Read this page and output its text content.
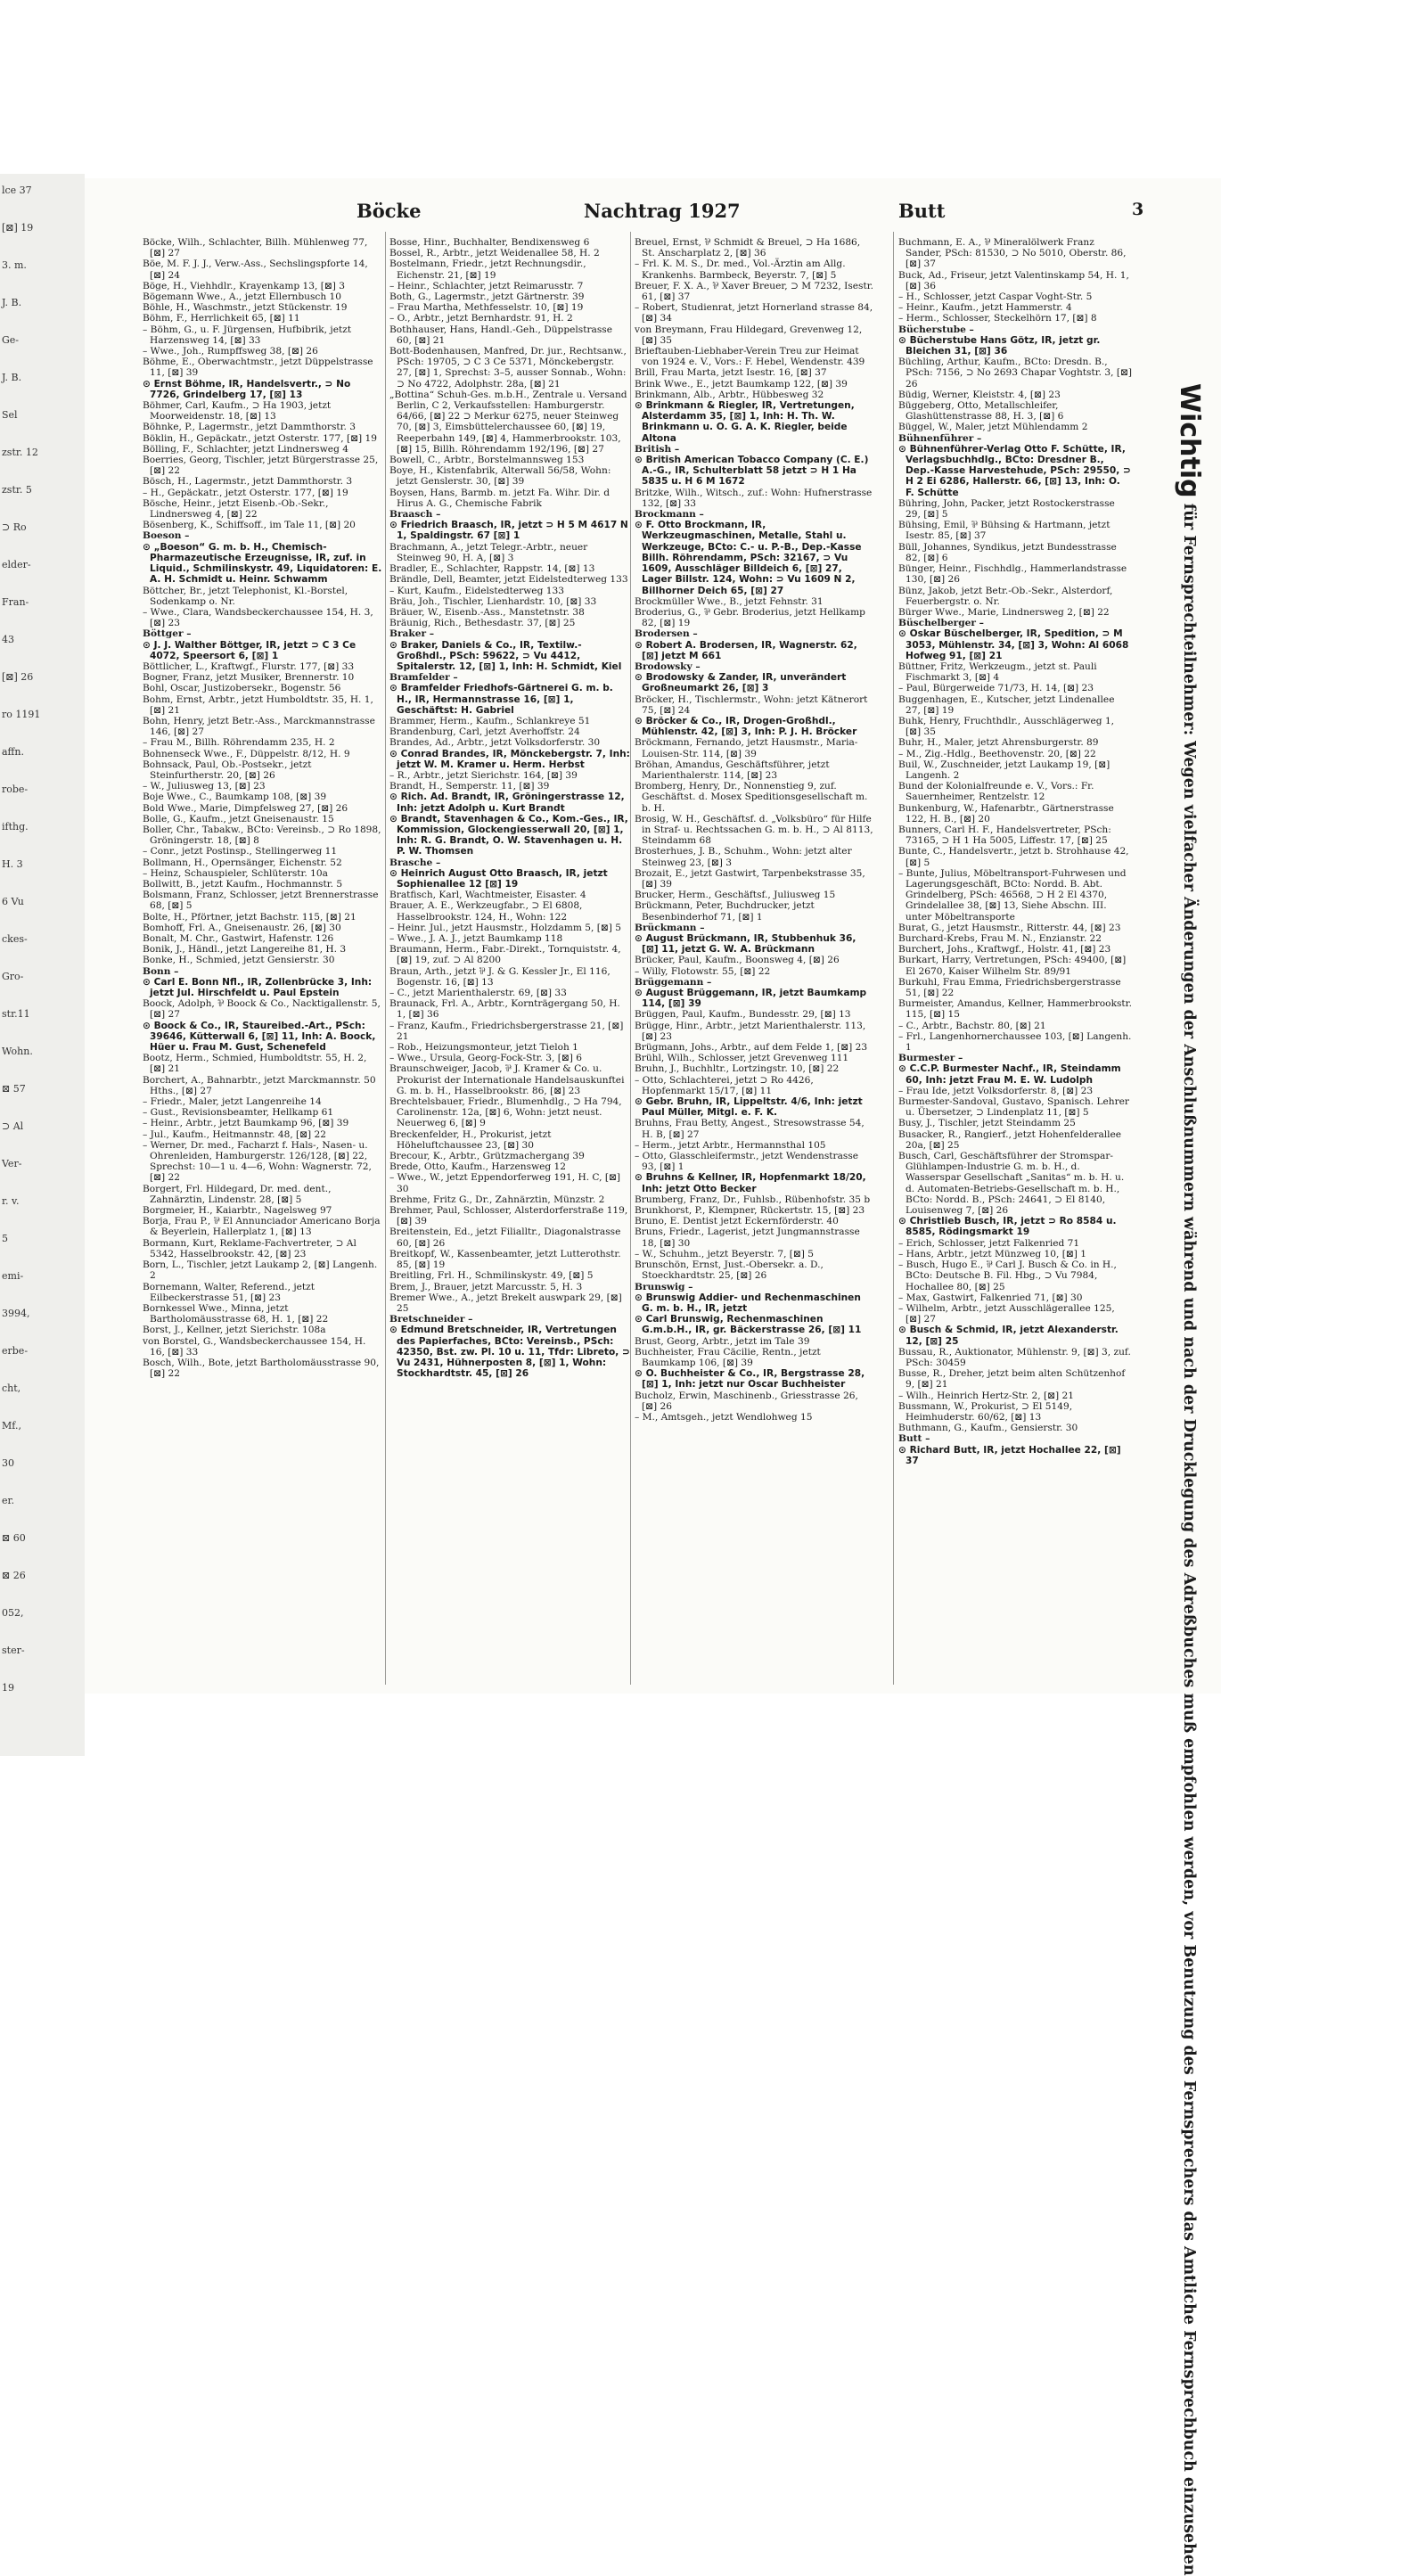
lce 37
[⊠] 19
3. m.
J. B.
Ge-
J. B.
Sel
zstr. 12
zstr. 5
⊃ Ro
elder-
Fran-
43
[⊠] 26
ro 1191
affn.
robe-
ifthg.
H. 3
6 Vu
ckes-
Gro-
str.11
Wohn.
⊠ 57
⊃ Al
Ver-
r. v.
5
emi-
3994,
erbe-
cht,
Mf.,
30
er.
⊠ 60
⊠ 26
052,
ster-
19
Böcke	Nachtrag 1927	Butt	3

Böcke, Wilh., Schlachter, Billh. Mühlenweg 77, [⊠] 27

Böe, M. F. J. J., Verw.-Ass., Sechslingspforte 14, [⊠] 24

Böge, H., Viehhdlr., Krayenkamp 13, [⊠] 3

Bögemann Wwe., A., jetzt Ellernbusch 10

Böhle, H., Waschmstr., jetzt Stückenstr. 19

Böhm, F., Herrlichkeit 65, [⊠] 11

– Böhm, G., u. F. Jürgensen, Hufbibrik, jetzt Harzensweg 14, [⊠] 33

– Wwe., Joh., Rumpffsweg 38, [⊠] 26

Böhme, E., Oberwachtmstr., jetzt Düppelstrasse 11, [⊠] 39

⊙ Ernst Böhme, IR, Handelsvertr., ⊃ No 7726, Grindelberg 17, [⊠] 13

Böhmer, Carl, Kaufm., ⊃ Ha 1903, jetzt Moorweidenstr. 18, [⊠] 13

Böhnke, P., Lagermstr., jetzt Dammthorstr. 3

Böklin, H., Gepäckatr., jetzt Osterstr. 177, [⊠] 19

Bölling, F., Schlachter, jetzt Lindnersweg 4

Boerries, Georg, Tischler, jetzt Bürgerstrasse 25, [⊠] 22

Bösch, H., Lagermstr., jetzt Dammthorstr. 3

– H., Gepäckatr., jetzt Osterstr. 177, [⊠] 19

Bösche, Heinr., jetzt Eisenb.-Ob.-Sekr., Lindnersweg 4, [⊠] 22

Bösenberg, K., Schiffsoff., im Tale 11, [⊠] 20

Boeson –

⊙ „Boeson“ G. m. b. H., Chemisch-Pharmazeutische Erzeugnisse, IR, zuf. in Liquid., Schmilinskystr. 49, Liquidatoren: E. A. H. Schmidt u. Heinr. Schwamm

Böttcher, Br., jetzt Telephonist, Kl.-Borstel, Sodenkamp o. Nr.

– Wwe., Clara, Wandsbeckerchaussee 154, H. 3, [⊠] 23

Böttger –

⊙ J. J. Walther Böttger, IR, jetzt ⊃ C 3 Ce 4072, Speersort 6, [⊠] 1

Böttlicher, L., Kraftwgf., Flurstr. 177, [⊠] 33

Bogner, Franz, jetzt Musiker, Brennerstr. 10

Bohl, Oscar, Justizobersekr., Bogenstr. 56

Bohm, Ernst, Arbtr., jetzt Humboldtstr. 35, H. 1, [⊠] 21

Bohn, Henry, jetzt Betr.-Ass., Marckmannstrasse 146, [⊠] 27

– Frau M., Billh. Röhrendamm 235, H. 2

Bohnenseck Wwe., F., Düppelstr. 8/12, H. 9

Bohnsack, Paul, Ob.-Postsekr., jetzt Steinfurtherstr. 20, [⊠] 26

– W., Juliusweg 13, [⊠] 23

Boje Wwe., C., Baumkamp 108, [⊠] 39

Bold Wwe., Marie, Dimpfelsweg 27, [⊠] 26

Bolle, G., Kaufm., jetzt Gneisenaustr. 15

Boller, Chr., Tabakw., BCto: Vereinsb., ⊃ Ro 1898, Gröningerstr. 18, [⊠] 8

– Conr., jetzt Postinsp., Stellingerweg 11

Bollmann, H., Opernsänger, Eichenstr. 52

– Heinz, Schauspieler, Schlüterstr. 10a

Bollwitt, B., jetzt Kaufm., Hochmannstr. 5

Bolsmann, Franz, Schlosser, jetzt Brennerstrasse 68, [⊠] 5

Bolte, H., Pförtner, jetzt Bachstr. 115, [⊠] 21

Bomhoff, Frl. A., Gneisenaustr. 26, [⊠] 30

Bonalt, M. Chr., Gastwirt, Hafenstr. 126

Bonik, J., Händl., jetzt Langereihe 81, H. 3

Bonke, H., Schmied, jetzt Gensierstr. 30

Bonn –

⊙ Carl E. Bonn Nfl., IR, Zollenbrücke 3, Inh: jetzt Jul. Hirschfeldt u. Paul Epstein

Boock, Adolph, ⅌ Boock & Co., Nacktigallenstr. 5, [⊠] 27

⊙ Boock & Co., IR, Staureibed.-Art., PSch: 39646, Kütterwall 6, [⊠] 11, Inh: A. Boock, Hüer u. Frau M. Gust, Schenefeld

Bootz, Herm., Schmied, Humboldtstr. 55, H. 2, [⊠] 21

Borchert, A., Bahnarbtr., jetzt Marckmannstr. 50 Hths., [⊠] 27

– Friedr., Maler, jetzt Langenreihe 14

– Gust., Revisionsbeamter, Hellkamp 61

– Heinr., Arbtr., jetzt Baumkamp 96, [⊠] 39

– Jul., Kaufm., Heitmannstr. 48, [⊠] 22

– Werner, Dr. med., Facharzt f. Hals-, Nasen- u. Ohrenleiden, Hamburgerstr. 126/128, [⊠] 22, Sprechst: 10—1 u. 4—6, Wohn: Wagnerstr. 72, [⊠] 22

Borgert, Frl. Hildegard, Dr. med. dent., Zahnärztin, Lindenstr. 28, [⊠] 5

Borgmeier, H., Kaiarbtr., Nagelsweg 97

Borja, Frau P., ⅌ El Annunciador Americano Borja & Beyerlein, Hallerplatz 1, [⊠] 13

Bormann, Kurt, Reklame-Fachvertreter, ⊃ Al 5342, Hasselbrookstr. 42, [⊠] 23

Born, L., Tischler, jetzt Laukamp 2, [⊠] Langenh. 2

Bornemann, Walter, Referend., jetzt Eilbeckerstrasse 51, [⊠] 23

Bornkessel Wwe., Minna, jetzt Bartholomäusstrasse 68, H. 1, [⊠] 22

Borst, J., Kellner, jetzt Sierichstr. 108a

von Borstel, G., Wandsbeckerchaussee 154, H. 16, [⊠] 33

Bosch, Wilh., Bote, jetzt Bartholomäusstrasse 90, [⊠] 22

Bosse, Hinr., Buchhalter, Bendixensweg 6

Bossel, R., Arbtr., jetzt Weidenallee 58, H. 2

Bostelmann, Friedr., jetzt Rechnungsdir., Eichenstr. 21, [⊠] 19

– Heinr., Schlachter, jetzt Reimarusstr. 7

Both, G., Lagermstr., jetzt Gärtnerstr. 39

– Frau Martha, Methfesselstr. 10, [⊠] 19

– O., Arbtr., jetzt Bernhardstr. 91, H. 2

Bothhauser, Hans, Handl.-Geh., Düppelstrasse 60, [⊠] 21

Bott-Bodenhausen, Manfred, Dr. jur., Rechtsanw., PSch: 19705, ⊃ C 3 Ce 5371, Mönckebergstr. 27, [⊠] 1, Sprechst: 3–5, ausser Sonnab., Wohn: ⊃ No 4722, Adolphstr. 28a, [⊠] 21

„Bottina“ Schuh-Ges. m.b.H., Zentrale u. Versand Berlin, C 2, Verkaufsstellen: Hamburgerstr. 64/66, [⊠] 22 ⊃ Merkur 6275, neuer Steinweg 70, [⊠] 3, Eimsbüttelerchaussee 60, [⊠] 19, Reeperbahn 149, [⊠] 4, Hammerbrookstr. 103, [⊠] 15, Billh. Röhrendamm 192/196, [⊠] 27

Bowell, C., Arbtr., Borstelmannsweg 153

Boye, H., Kistenfabrik, Alterwall 56/58, Wohn: jetzt Genslerstr. 30, [⊠] 39

Boysen, Hans, Barmb. m. jetzt Fa. Wihr. Dir. d Hirus A. G., Chemische Fabrik

Braasch –

⊙ Friedrich Braasch, IR, jetzt ⊃ H 5 M 4617 N 1, Spaldingstr. 67 [⊠] 1

Brachmann, A., jetzt Telegr.-Arbtr., neuer Steinweg 90, H. A, [⊠] 3

Bradler, E., Schlachter, Rappstr. 14, [⊠] 13

Brändle, Dell, Beamter, jetzt Eidelstedterweg 133

– Kurt, Kaufm., Eidelstedterweg 133

Bräu, Joh., Tischler, Lienhardstr. 10, [⊠] 33

Bräuer, W., Eisenb.-Ass., Manstetnstr. 38

Bräunig, Rich., Bethesdastr. 37, [⊠] 25

Braker –

⊙ Braker, Daniels & Co., IR, Textilw.-Großhdl., PSch: 59622, ⊃ Vu 4412, Spitalerstr. 12, [⊠] 1, Inh: H. Schmidt, Kiel

Bramfelder –

⊙ Bramfelder Friedhofs-Gärtnerei G. m. b. H., IR, Hermannstrasse 16, [⊠] 1, Geschäftst: H. Gabriel

Brammer, Herm., Kaufm., Schlankreye 51

Brandenburg, Carl, jetzt Averhoffstr. 24

Brandes, Ad., Arbtr., jetzt Volksdorferstr. 30

⊙ Conrad Brandes, IR, Mönckebergstr. 7, Inh: jetzt W. M. Kramer u. Herm. Herbst

– R., Arbtr., jetzt Sierichstr. 164, [⊠] 39

Brandt, H., Semperstr. 11, [⊠] 39

⊙ Rich. Ad. Brandt, IR, Gröningerstrasse 12, Inh: jetzt Adolph u. Kurt Brandt

⊙ Brandt, Stavenhagen & Co., Kom.-Ges., IR, Kommission, Glockengiesserwall 20, [⊠] 1, Inh: R. G. Brandt, O. W. Stavenhagen u. H. P. W. Thomsen

Brasche –

⊙ Heinrich August Otto Braasch, IR, jetzt Sophienallee 12 [⊠] 19

Bratfisch, Karl, Wachtmeister, Eisaster. 4

Brauer, A. E., Werkzeugfabr., ⊃ El 6808, Hasselbrookstr. 124, H., Wohn: 122

– Heinr. Jul., jetzt Hausmstr., Holzdamm 5, [⊠] 5

– Wwe., J. A. J., jetzt Baumkamp 118

Braumann, Herm., Fabr.-Direkt., Tornquiststr. 4, [⊠] 19, zuf. ⊃ Al 8200

Braun, Arth., jetzt ⅌ J. & G. Kessler Jr., El 116, Bogenstr. 16, [⊠] 13

– C., jetzt Marienthalerstr. 69, [⊠] 33

Braunack, Frl. A., Arbtr., Kornträgergang 50, H. 1, [⊠] 36

– Franz, Kaufm., Friedrichsbergerstrasse 21, [⊠] 21

– Rob., Heizungsmonteur, jetzt Tieloh 1

– Wwe., Ursula, Georg-Fock-Str. 3, [⊠] 6

Braunschweiger, Jacob, ⅌ J. Kramer & Co. u. Prokurist der Internationale Handelsauskunftei G. m. b. H., Hasselbrookstr. 86, [⊠] 23

Brechtelsbauer, Friedr., Blumenhdlg., ⊃ Ha 794, Carolinenstr. 12a, [⊠] 6, Wohn: jetzt neust. Neuerweg 6, [⊠] 9

Breckenfelder, H., Prokurist, jetzt Höheluftchaussee 23, [⊠] 30

Brecour, K., Arbtr., Grützmachergang 39

Brede, Otto, Kaufm., Harzensweg 12

– Wwe., W., jetzt Eppendorferweg 191, H. C, [⊠] 30

Brehme, Fritz G., Dr., Zahnärztin, Münzstr. 2

Brehmer, Paul, Schlosser, Alsterdorferstraße 119, [⊠] 39

Breitenstein, Ed., jetzt Filialltr., Diagonalstrasse 60, [⊠] 26

Breitkopf, W., Kassenbeamter, jetzt Lutterothstr. 85, [⊠] 19

Breitling, Frl. H., Schmilinskystr. 49, [⊠] 5

Brem, J., Brauer, jetzt Marcusstr. 5, H. 3

Bremer Wwe., A., jetzt Brekelt auswpark 29, [⊠] 25

Bretschneider –

⊙ Edmund Bretschneider, IR, Vertretungen des Papierfaches, BCto: Vereinsb., PSch: 42350, Bst. zw. Pl. 10 u. 11, Tfdr: Libreto, ⊃ Vu 2431, Hühnerposten 8, [⊠] 1, Wohn: Stockhardtstr. 45, [⊠] 26

Breuel, Ernst, ⅌ Schmidt & Breuel, ⊃ Ha 1686, St. Anscharplatz 2, [⊠] 36

– Frl. K. M. S., Dr. med., Vol.-Ärztin am Allg. Krankenhs. Barmbeck, Beyerstr. 7, [⊠] 5

Breuer, F. X. A., ⅌ Xaver Breuer, ⊃ M 7232, Isestr. 61, [⊠] 37

– Robert, Studienrat, jetzt Hornerland strasse 84, [⊠] 34

von Breymann, Frau Hildegard, Grevenweg 12, [⊠] 35

Brieftauben-Liebhaber-Verein Treu zur Heimat von 1924 e. V., Vors.: F. Hebel, Wendenstr. 439

Brill, Frau Marta, jetzt Isestr. 16, [⊠] 37

Brink Wwe., E., jetzt Baumkamp 122, [⊠] 39

Brinkmann, Alb., Arbtr., Hübbesweg 32

⊙ Brinkmann & Riegler, IR, Vertretungen, Alsterdamm 35, [⊠] 1, Inh: H. Th. W. Brinkmann u. O. G. A. K. Riegler, beide Altona

British –

⊙ British American Tobacco Company (C. E.) A.-G., IR, Schulterblatt 58 jetzt ⊃ H 1 Ha 5835 u. H 6 M 1672

Britzke, Wilh., Witsch., zuf.: Wohn: Hufnerstrasse 132, [⊠] 33

Brockmann –

⊙ F. Otto Brockmann, IR, Werkzeugmaschinen, Metalle, Stahl u. Werkzeuge, BCto: C.- u. P.-B., Dep.-Kasse Billh. Röhrendamm, PSch: 32167, ⊃ Vu 1609, Ausschläger Billdeich 6, [⊠] 27, Lager Billstr. 124, Wohn: ⊃ Vu 1609 N 2, Billhorner Deich 65, [⊠] 27

Brockmüller Wwe., B., jetzt Fehnstr. 31

Broderius, G., ⅌ Gebr. Broderius, jetzt Hellkamp 82, [⊠] 19

Brodersen –

⊙ Robert A. Brodersen, IR, Wagnerstr. 62, [⊠] jetzt M 661

Brodowsky –

⊙ Brodowsky & Zander, IR, unverändert Großneumarkt 26, [⊠] 3

Bröcker, H., Tischlermstr., Wohn: jetzt Kätnerort 75, [⊠] 24

⊙ Bröcker & Co., IR, Drogen-Großhdl., Mühlenstr. 42, [⊠] 3, Inh: P. J. H. Bröcker

Bröckmann, Fernando, jetzt Hausmstr., Maria-Louisen-Str. 114, [⊠] 39

Bröhan, Amandus, Geschäftsführer, jetzt Marienthalerstr. 114, [⊠] 23

Bromberg, Henry, Dr., Nonnenstieg 9, zuf. Geschäftst. d. Mosex Speditionsgesellschaft m. b. H.

Brosig, W. H., Geschäftsf. d. „Volksbüro“ für Hilfe in Straf- u. Rechtssachen G. m. b. H., ⊃ Al 8113, Steindamm 68

Brosterhues, J. B., Schuhm., Wohn: jetzt alter Steinweg 23, [⊠] 3

Brozait, E., jetzt Gastwirt, Tarpenbekstrasse 35, [⊠] 39

Brucker, Herm., Geschäftsf., Juliusweg 15

Brückmann, Peter, Buchdrucker, jetzt Besenbinderhof 71, [⊠] 1

Brückmann –

⊙ August Brückmann, IR, Stubbenhuk 36, [⊠] 11, jetzt G. W. A. Brückmann

Brücker, Paul, Kaufm., Boonsweg 4, [⊠] 26

– Willy, Flotowstr. 55, [⊠] 22

Brüggemann –

⊙ August Brüggemann, IR, jetzt Baumkamp 114, [⊠] 39

Brüggen, Paul, Kaufm., Bundesstr. 29, [⊠] 13

Brügge, Hinr., Arbtr., jetzt Marienthalerstr. 113, [⊠] 23

Brügmann, Johs., Arbtr., auf dem Felde 1, [⊠] 23

Brühl, Wilh., Schlosser, jetzt Grevenweg 111

Bruhn, J., Buchhltr., Lortzingstr. 10, [⊠] 22

– Otto, Schlachterei, jetzt ⊃ Ro 4426, Hopfenmarkt 15/17, [⊠] 11

⊙ Gebr. Bruhn, IR, Lippeltstr. 4/6, Inh: jetzt Paul Müller, Mitgl. e. F. K.

Bruhns, Frau Betty, Angest., Stresowstrasse 54, H. B, [⊠] 27

– Herm., jetzt Arbtr., Hermannsthal 105

– Otto, Glasschleifermstr., jetzt Wendenstrasse 93, [⊠] 1

⊙ Bruhns & Kellner, IR, Hopfenmarkt 18/20, Inh: jetzt Otto Becker

Brumberg, Franz, Dr., Fuhlsb., Rübenhofstr. 35 b

Brunkhorst, P., Klempner, Rückertstr. 15, [⊠] 23

Bruno, E. Dentist jetzt Eckernförderstr. 40

Bruns, Friedr., Lagerist, jetzt Jungmannstrasse 18, [⊠] 30

– W., Schuhm., jetzt Beyerstr. 7, [⊠] 5

Brunschön, Ernst, Just.-Obersekr. a. D., Stoeckhardtstr. 25, [⊠] 26

Brunswig –

⊙ Brunswig Addier- und Rechenmaschinen G. m. b. H., IR, jetzt

⊙ Carl Brunswig, Rechenmaschinen G.m.b.H., IR, gr. Bäckerstrasse 26, [⊠] 11

Brust, Georg, Arbtr., jetzt im Tale 39

Buchheister, Frau Cäcilie, Rentn., jetzt Baumkamp 106, [⊠] 39

⊙ O. Buchheister & Co., IR, Bergstrasse 28, [⊠] 1, Inh: jetzt nur Oscar Buchheister

Bucholz, Erwin, Maschinenb., Griesstrasse 26, [⊠] 26

– M., Amtsgeh., jetzt Wendlohweg 15

Buchmann, E. A., ⅌ Mineralölwerk Franz Sander, PSch: 81530, ⊃ No 5010, Oberstr. 86, [⊠] 37

Buck, Ad., Friseur, jetzt Valentinskamp 54, H. 1, [⊠] 36

– H., Schlosser, jetzt Caspar Voght-Str. 5

– Heinr., Kaufm., jetzt Hammerstr. 4

– Herm., Schlosser, Steckelhörn 17, [⊠] 8

Bücherstube –

⊙ Bücherstube Hans Götz, IR, jetzt gr. Bleichen 31, [⊠] 36

Büchling, Arthur, Kaufm., BCto: Dresdn. B., PSch: 7156, ⊃ No 2693 Chapar Voghtstr. 3, [⊠] 26

Büdig, Werner, Kleiststr. 4, [⊠] 23

Büggeberg, Otto, Metallschleifer, Glashüttenstrasse 88, H. 3, [⊠] 6

Büggel, W., Maler, jetzt Mühlendamm 2

Bühnenführer –

⊙ Bühnenführer-Verlag Otto F. Schütte, IR, Verlagsbuchhdlg., BCto: Dresdner B., Dep.-Kasse Harvestehude, PSch: 29550, ⊃ H 2 Ei 6286, Hallerstr. 66, [⊠] 13, Inh: O. F. Schütte

Bühring, John, Packer, jetzt Rostockerstrasse 29, [⊠] 5

Bühsing, Emil, ⅌ Bühsing & Hartmann, jetzt Isestr. 85, [⊠] 37

Büll, Johannes, Syndikus, jetzt Bundesstrasse 82, [⊠] 6

Bünger, Heinr., Fischhdlg., Hammerlandstrasse 130, [⊠] 26

Bünz, Jakob, jetzt Betr.-Ob.-Sekr., Alsterdorf, Feuerbergstr. o. Nr.

Bürger Wwe., Marie, Lindnersweg 2, [⊠] 22

Büschelberger –

⊙ Oskar Büschelberger, IR, Spedition, ⊃ M 3053, Mühlenstr. 34, [⊠] 3, Wohn: Al 6068 Hofweg 91, [⊠] 21

Büttner, Fritz, Werkzeugm., jetzt st. Pauli Fischmarkt 3, [⊠] 4

– Paul, Bürgerweide 71/73, H. 14, [⊠] 23

Buggenhagen, E., Kutscher, jetzt Lindenallee 27, [⊠] 19

Buhk, Henry, Fruchthdlr., Ausschlägerweg 1, [⊠] 35

Buhr, H., Maler, jetzt Ahrensburgerstr. 89

– M., Zig.-Hdlg., Beethovenstr. 20, [⊠] 22

Buil, W., Zuschneider, jetzt Laukamp 19, [⊠] Langenh. 2

Bund der Kolonialfreunde e. V., Vors.: Fr. Sauernheimer, Rentzelstr. 12

Bunkenburg, W., Hafenarbtr., Gärtnerstrasse 122, H. B., [⊠] 20

Bunners, Carl H. F., Handelsvertreter, PSch: 73165, ⊃ H 1 Ha 5005, Liffestr. 17, [⊠] 25

Bunte, C., Handelsvertr., jetzt b. Strohhause 42, [⊠] 5

– Bunte, Julius, Möbeltransport-Fuhrwesen und Lagerungsgeschäft, BCto: Nordd. B. Abt. Grindelberg, PSch: 46568, ⊃ H 2 El 4370, Grindelallee 38, [⊠] 13, Siehe Abschn. III. unter Möbeltransporte

Burat, G., jetzt Hausmstr., Ritterstr. 44, [⊠] 23

Burchard-Krebs, Frau M. N., Enzianstr. 22

Burchert, Johs., Kraftwgf., Holstr. 41, [⊠] 23

Burkart, Harry, Vertretungen, PSch: 49400, [⊠] El 2670, Kaiser Wilhelm Str. 89/91

Burkuhl, Frau Emma, Friedrichsbergerstrasse 51, [⊠] 22

Burmeister, Amandus, Kellner, Hammerbrookstr. 115, [⊠] 15

– C., Arbtr., Bachstr. 80, [⊠] 21

– Frl., Langenhornerchaussee 103, [⊠] Langenh. 1

Burmester –

⊙ C.C.P. Burmester Nachf., IR, Steindamm 60, Inh: jetzt Frau M. E. W. Ludolph

– Frau Ide, jetzt Volksdorferstr. 8, [⊠] 23

Burmester-Sandoval, Gustavo, Spanisch. Lehrer u. Übersetzer, ⊃ Lindenplatz 11, [⊠] 5

Busy, J., Tischler, jetzt Steindamm 25

Busacker, R., Rangierf., jetzt Hohenfelderallee 20a, [⊠] 25

Busch, Carl, Geschäftsführer der Stromspar-Glühlampen-Industrie G. m. b. H., d. Wasserspar Gesellschaft „Sanitas“ m. b. H. u. d. Automaten-Betriebs-Gesellschaft m. b. H., BCto: Nordd. B., PSch: 24641, ⊃ El 8140, Louisenweg 7, [⊠] 26

⊙ Christlieb Busch, IR, jetzt ⊃ Ro 8584 u. 8585, Rödingsmarkt 19

– Erich, Schlosser, jetzt Falkenried 71

– Hans, Arbtr., jetzt Münzweg 10, [⊠] 1

– Busch, Hugo E., ⅌ Carl J. Busch & Co. in H., BCto: Deutsche B. Fil. Hbg., ⊃ Vu 7984, Hochallee 80, [⊠] 25

– Max, Gastwirt, Falkenried 71, [⊠] 30

– Wilhelm, Arbtr., jetzt Ausschlägerallee 125, [⊠] 27

⊙ Busch & Schmid, IR, jetzt Alexanderstr. 12, [⊠] 25

Bussau, R., Auktionator, Mühlenstr. 9, [⊠] 3, zuf. PSch: 30459

Busse, R., Dreher, jetzt beim alten Schützenhof 9, [⊠] 21

– Wilh., Heinrich Hertz-Str. 2, [⊠] 21

Bussmann, W., Prokurist, ⊃ El 5149, Heimhuderstr. 60/62, [⊠] 13

Buthmann, G., Kaufm., Gensierstr. 30

Butt –

⊙ Richard Butt, IR, jetzt Hochallee 22, [⊠] 37

Wichtig für Fernsprechteilnehmer: Wegen vielfacher Änderungen der Anschlußnummern während und nach der Drucklegung des Adreßbuches muß empfohlen werden, vor Benutzung des Fernsprechers das Amtliche Fernsprechbuch einzusehen
